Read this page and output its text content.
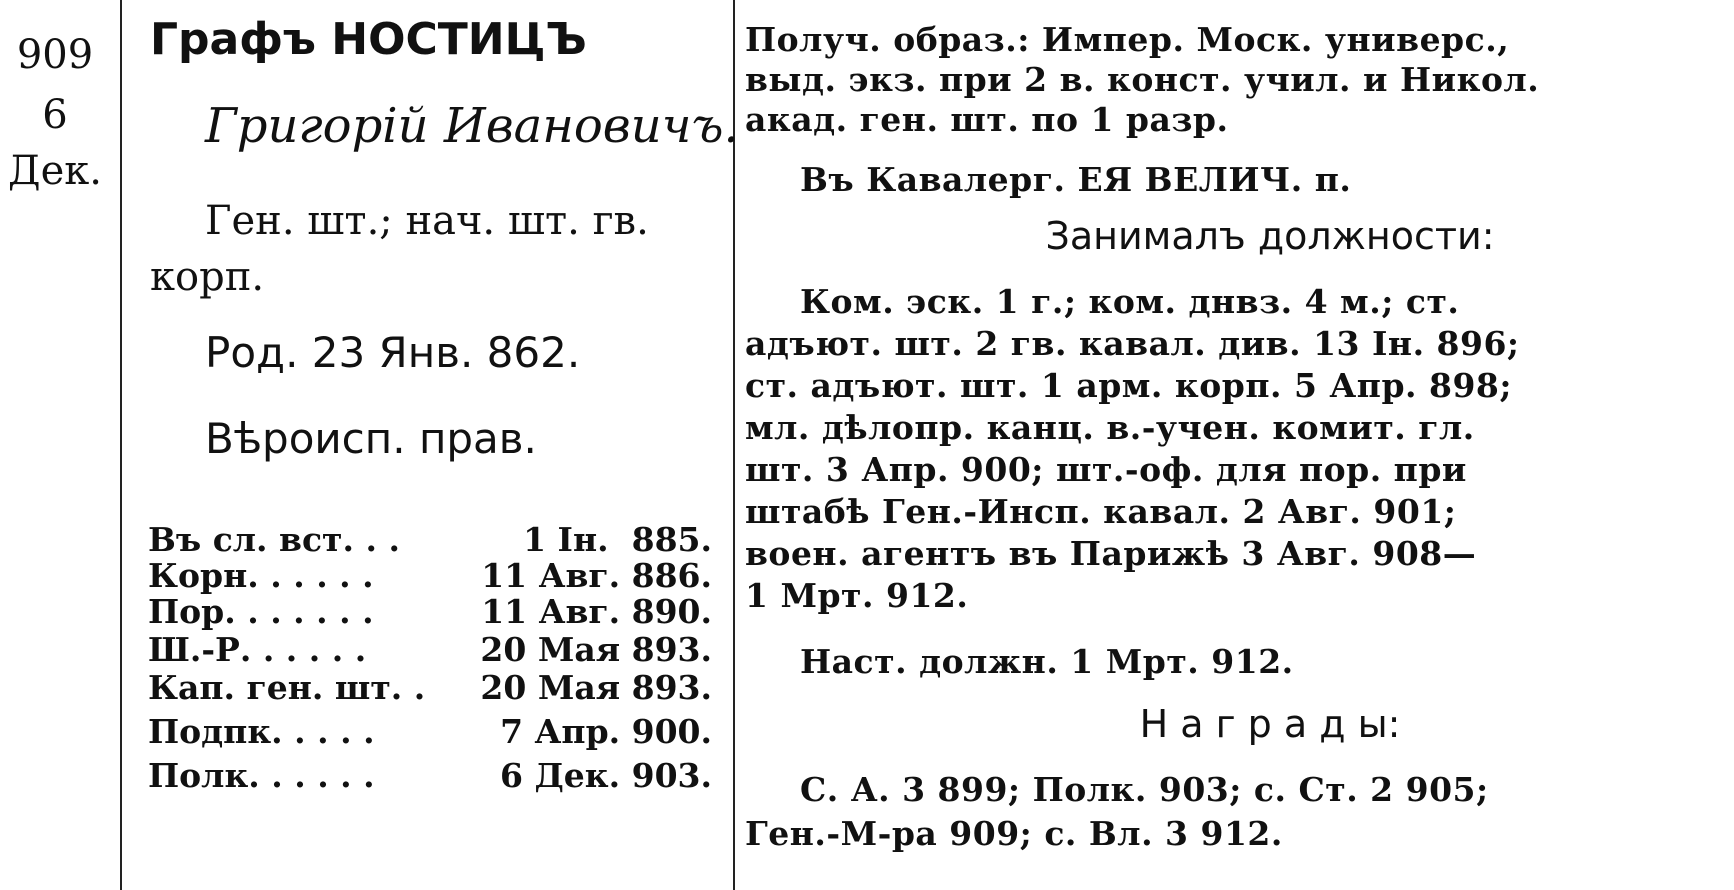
909
6
Дек.
Графъ НОСТИЦЪ
Григорій Ивановичъ.
Ген. шт.; нач. шт. гв.
корп.
Род. 23 Янв. 862.
Вѣроисп. прав.
Въ сл. вст. . .	1 Ін.  885.
Корн. . . . . .	11 Авг. 886.
Пор. . . . . . .	11 Авг. 890.
Ш.-Р. . . . . .	20 Мая 893.
Кап. ген. шт. .	20 Мая 893.
Подпк. . . . .	7 Апр. 900.
Полк. . . . . .	6 Дек. 903.
Получ. образ.: Импер. Моск. универс.,
выд. экз. при 2 в. конст. учил. и Никол.
акад. ген. шт. по 1 разр.
Въ Кавалерг. ЕЯ ВЕЛИЧ. п.
Занималъ должности:
Ком. эск. 1 г.; ком. днвз. 4 м.; ст.
адъют. шт. 2 гв. кавал. див. 13 Ін. 896;
ст. адъют. шт. 1 арм. корп. 5 Апр. 898;
мл. дѣлопр. канц. в.-учен. комит. гл.
шт. 3 Апр. 900; шт.-оф. для пор. при
штабѣ Ген.-Инсп. кавал. 2 Авг. 901;
воен. агентъ въ Парижѣ 3 Авг. 908—
1 Мрт. 912.
Наст. должн. 1 Мрт. 912.
Н а г р а д ы:
С. А. 3 899; Полк. 903; с. Ст. 2 905;
Ген.-М-ра 909; с. Вл. 3 912.
